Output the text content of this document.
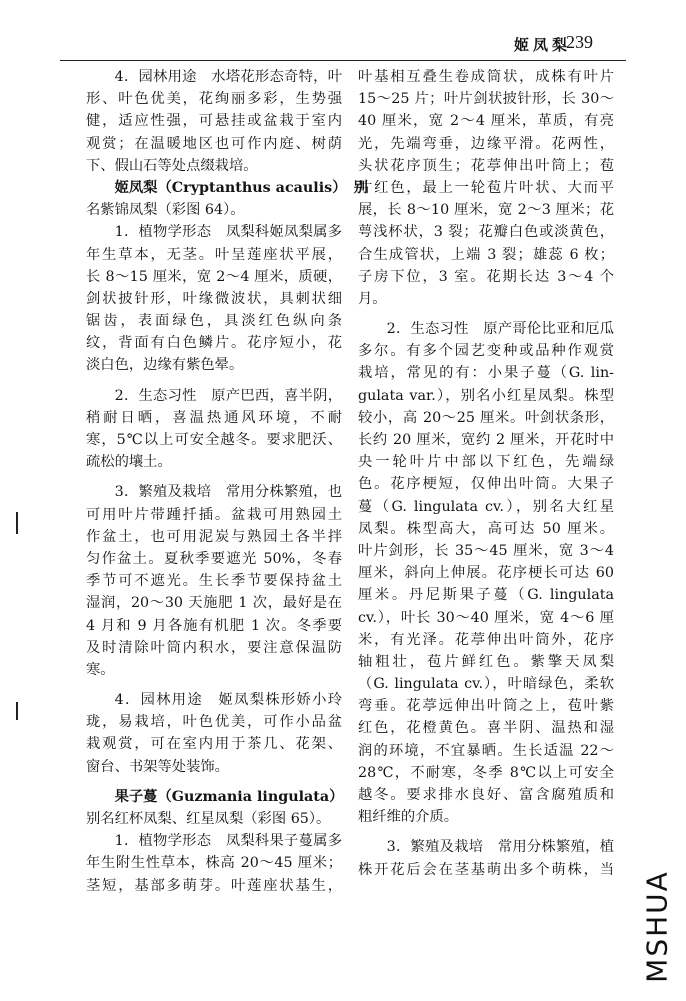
姬凤梨
239
4．园林用途　水塔花形态奇特，叶
形、叶色优美，花绚丽多彩，生势强
健，适应性强，可悬挂或盆栽于室内
观赏；在温暖地区也可作内庭、树荫
下、假山石等处点缀栽培。
姬凤梨（Cryptanthus acaulis）　别
名紫锦凤梨（彩图 64）。
1．植物学形态　凤梨科姬凤梨属多
年生草本，无茎。叶呈莲座状平展，
长 8～15 厘米，宽 2～4 厘米，质硬，
剑状披针形，叶缘微波状，具刺状细
锯齿，表面绿色，具淡红色纵向条
纹，背面有白色鳞片。花序短小，花
淡白色，边缘有紫色晕。
2．生态习性　原产巴西，喜半阴，
稍耐日晒，喜温热通风环境，不耐
寒，5℃以上可安全越冬。要求肥沃、
疏松的壤土。
3．繁殖及栽培　常用分株繁殖，也
可用叶片带踵扦插。盆栽可用熟园土
作盆土，也可用泥炭与熟园土各半拌
匀作盆土。夏秋季要遮光 50%，冬春
季节可不遮光。生长季节要保持盆土
湿润，20～30 天施肥 1 次，最好是在
4 月和 9 月各施有机肥 1 次。冬季要
及时清除叶筒内积水，要注意保温防
寒。
4．园林用途　姬凤梨株形娇小玲
珑，易栽培，叶色优美，可作小品盆
栽观赏，可在室内用于茶几、花架、
窗台、书架等处装饰。
果子蔓（Guzmania lingulata）
别名红杯凤梨、红星凤梨（彩图 65）。
1．植物学形态　凤梨科果子蔓属多
年生附生性草本，株高 20～45 厘米；
茎短，基部多萌芽。叶莲座状基生，
叶基相互叠生卷成筒状，成株有叶片
15～25 片；叶片剑状披针形，长 30～
40 厘米，宽 2～4 厘米，革质，有亮
光，先端弯垂，边缘平滑。花两性，
头状花序顶生；花葶伸出叶筒上；苞
片红色，最上一轮苞片叶状、大而平
展，长 8～10 厘米，宽 2～3 厘米；花
萼浅杯状，3 裂；花瓣白色或淡黄色，
合生成管状，上端 3 裂；雄蕊 6 枚；
子房下位，3 室。花期长达 3～4 个
月。
2．生态习性　原产哥伦比亚和厄瓜
多尔。有多个园艺变种或品种作观赏
栽培，常见的有：小果子蔓（G. lin-
gulata var.），别名小红星凤梨。株型
较小，高 20～25 厘米。叶剑状条形，
长约 20 厘米，宽约 2 厘米，开花时中
央一轮叶片中部以下红色，先端绿
色。花序梗短，仅伸出叶筒。大果子
蔓（G. lingulata cv.），别名大红星
凤梨。株型高大，高可达 50 厘米。
叶片剑形，长 35～45 厘米，宽 3～4
厘米，斜向上伸展。花序梗长可达 60
厘米。丹尼斯果子蔓（G. lingulata
cv.），叶长 30～40 厘米，宽 4～6 厘
米，有光泽。花葶伸出叶筒外，花序
轴粗壮，苞片鲜红色。紫擎天凤梨
（G. lingulata cv.），叶暗绿色，柔软
弯垂。花葶远伸出叶筒之上，苞叶紫
红色，花橙黄色。喜半阴、温热和湿
润的环境，不宜暴晒。生长适温 22～
28℃，不耐寒，冬季 8℃以上可安全
越冬。要求排水良好、富含腐殖质和
粗纤维的介质。
3．繁殖及栽培　常用分株繁殖，植
株开花后会在茎基萌出多个萌株，当
MSHUA
